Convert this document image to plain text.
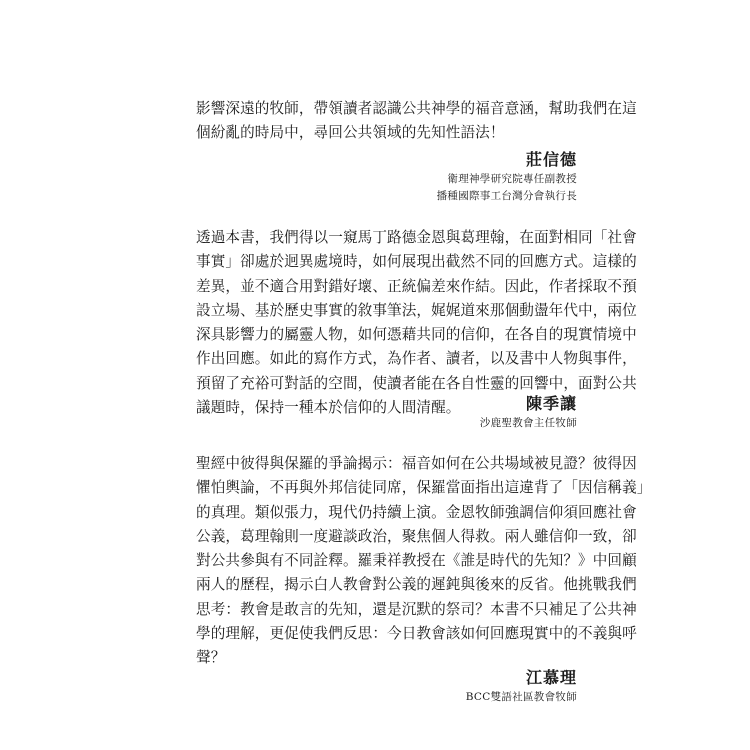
影響深遠的牧師，帶領讀者認識公共神學的福音意涵，幫助我們在這
個紛亂的時局中，尋回公共領域的先知性語法！
莊信德
衛理神學研究院專任副教授
播種國際事工台灣分會執行長
透過本書，我們得以一窺馬丁路德金恩與葛理翰，在面對相同「社會
事實」卻處於迥異處境時，如何展現出截然不同的回應方式。這樣的
差異，並不適合用對錯好壞、正統偏差來作結。因此，作者採取不預
設立場、基於歷史事實的敘事筆法，娓娓道來那個動盪年代中，兩位
深具影響力的屬靈人物，如何憑藉共同的信仰，在各自的現實情境中
作出回應。如此的寫作方式，為作者、讀者，以及書中人物與事件，
預留了充裕可對話的空間，使讀者能在各自性靈的回響中，面對公共
議題時，保持一種本於信仰的人間清醒。	陳季讓
沙鹿聖教會主任牧師
聖經中彼得與保羅的爭論揭示：福音如何在公共場域被見證？彼得因
懼怕輿論，不再與外邦信徒同席，保羅當面指出這違背了「因信稱義」
的真理。類似張力，現代仍持續上演。金恩牧師強調信仰須回應社會
公義，葛理翰則一度避談政治，聚焦個人得救。兩人雖信仰一致，卻
對公共參與有不同詮釋。羅秉祥教授在《誰是時代的先知？》中回顧
兩人的歷程，揭示白人教會對公義的遲鈍與後來的反省。他挑戰我們
思考：教會是敢言的先知，還是沉默的祭司？本書不只補足了公共神
學的理解，更促使我們反思：今日教會該如何回應現實中的不義與呼
聲？
江慕理
BCC雙語社區教會牧師
